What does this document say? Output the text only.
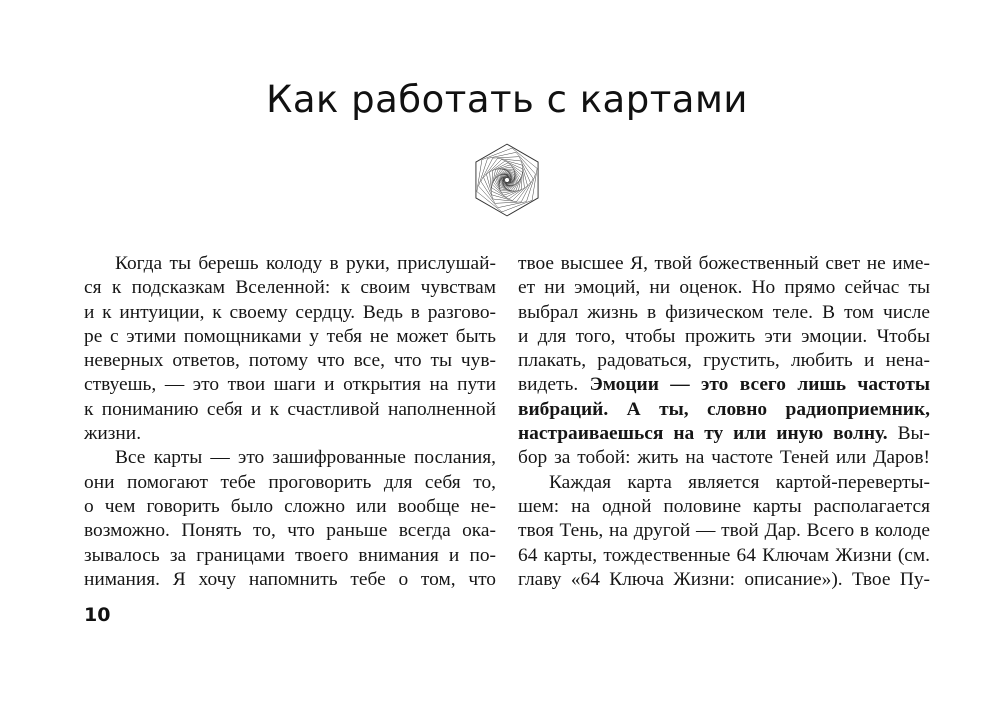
Как работать с картами
Когда ты берешь колоду в руки, прислушай-
ся к подсказкам Вселенной: к своим чувствам
и к интуиции, к своему сердцу. Ведь в разгово-
ре с этими помощниками у тебя не может быть
неверных ответов, потому что все, что ты чув-
ствуешь, — это твои шаги и открытия на пути
к пониманию себя и к счастливой наполненной
жизни.
Все карты — это зашифрованные послания,
они помогают тебе проговорить для себя то,
о чем говорить было сложно или вообще не-
возможно. Понять то, что раньше всегда ока-
зывалось за границами твоего внимания и по-
нимания. Я хочу напомнить тебе о том, что
твое высшее Я, твой божественный свет не име-
ет ни эмоций, ни оценок. Но прямо сейчас ты
выбрал жизнь в физическом теле. В том числе
и для того, чтобы прожить эти эмоции. Чтобы
плакать, радоваться, грустить, любить и нена-
видеть. Эмоции — это всего лишь частоты
вибраций. А ты, словно радиоприемник,
настраиваешься на ту или иную волну. Вы-
бор за тобой: жить на частоте Теней или Даров!
Каждая карта является картой-переверты-
шем: на одной половине карты располагается
твоя Тень, на другой — твой Дар. Всего в колоде
64 карты, тождественные 64 Ключам Жизни (см.
главу «64 Ключа Жизни: описание»). Твое Пу-
10
